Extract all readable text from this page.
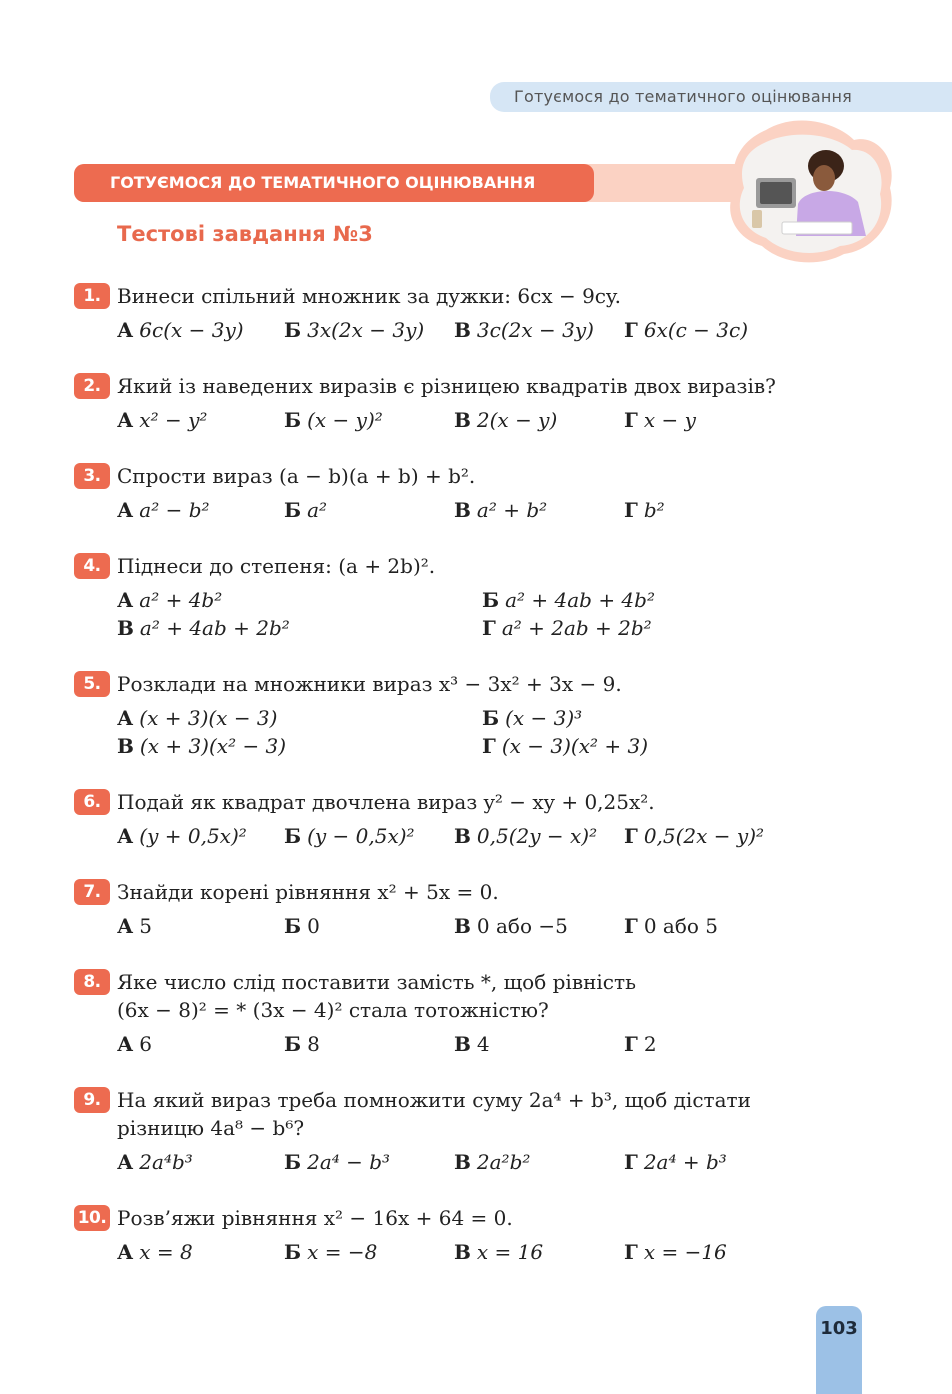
Готуємося до тематичного оцінювання
ГОТУЄМОСЯ ДО ТЕМАТИЧНОГО ОЦІНЮВАННЯ
Тестові завдання №3
1. Винеси спільний множник за дужки: 6cx − 9cy.
А 6c(x − 3y) Б 3x(2x − 3y) В 3c(2x − 3y) Г 6x(c − 3c)
2. Який із наведених виразів є різницею квадратів двох виразів?
А x² − y²	Б (x − y)²	В 2(x − y)	Г x − y
3. Спрости вираз (a − b)(a + b) + b².
А a² − b²	Б a²	В a² + b²	Г b²
4. Піднеси до степеня: (a + 2b)².
А a² + 4b²	Б a² + 4ab + 4b²
В a² + 4ab + 2b²	Г a² + 2ab + 2b²
5. Розклади на множники вираз x³ − 3x² + 3x − 9.
А (x + 3)(x − 3)	Б (x − 3)³
В (x + 3)(x² − 3)	Г (x − 3)(x² + 3)
6. Подай як квадрат двочлена вираз y² − xy + 0,25x².
А (y + 0,5x)² Б (y − 0,5x)² В 0,5(2y − x)² Г 0,5(2x − y)²
7. Знайди корені рівняння x² + 5x = 0.
А 5	Б 0	В 0 або −5	Г 0 або 5
8. Яке число слід поставити замість *, щоб рівність
(6x − 8)² = * (3x − 4)² стала тотожністю?
А 6	Б 8	В 4	Г 2
9. На який вираз треба помножити суму 2a⁴ + b³, щоб дістати
різницю 4a⁸ − b⁶?
А 2a⁴b³	Б 2a⁴ − b³	В 2a²b²	Г 2a⁴ + b³
10. Розв’яжи рівняння x² − 16x + 64 = 0.
А x = 8	Б x = −8	В x = 16	Г x = −16
103
